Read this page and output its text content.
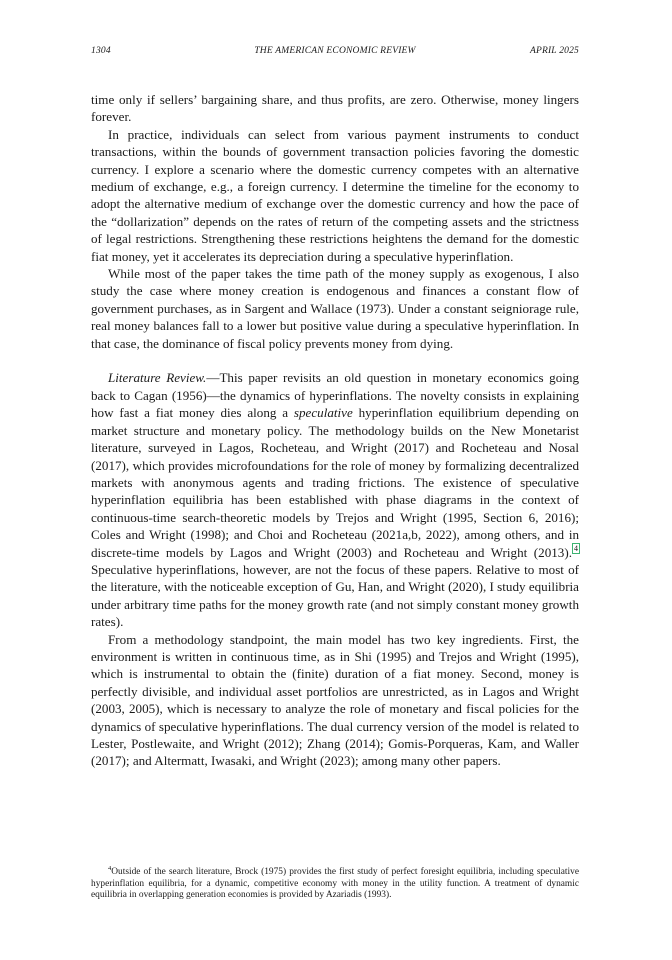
1304	THE AMERICAN ECONOMIC REVIEW	APRIL 2025

time only if sellers’ bargaining share, and thus profits, are zero. Otherwise, money lingers forever.

In practice, individuals can select from various payment instruments to conduct transactions, within the bounds of government transaction policies favoring the domestic currency. I explore a scenario where the domestic currency competes with an alternative medium of exchange, e.g., a foreign currency. I determine the timeline for the economy to adopt the alternative medium of exchange over the domestic currency and how the pace of the “dollarization” depends on the rates of return of the competing assets and the strictness of legal restrictions. Strengthening these restrictions heightens the demand for the domestic fiat money, yet it accelerates its depreciation during a speculative hyperinflation.

While most of the paper takes the time path of the money supply as exogenous, I also study the case where money creation is endogenous and finances a constant flow of government purchases, as in Sargent and Wallace (1973). Under a constant seigniorage rule, real money balances fall to a lower but positive value during a speculative hyperinflation. In that case, the dominance of fiscal policy prevents money from dying.

Literature Review.—This paper revisits an old question in monetary economics going back to Cagan (1956)—the dynamics of hyperinflations. The novelty consists in explaining how fast a fiat money dies along a speculative hyperinflation equilibrium depending on market structure and monetary policy. The methodology builds on the New Monetarist literature, surveyed in Lagos, Rocheteau, and Wright (2017) and Rocheteau and Nosal (2017), which provides microfoundations for the role of money by formalizing decentralized markets with anonymous agents and trading frictions. The existence of speculative hyperinflation equilibria has been established with phase diagrams in the context of continuous-time search-theoretic models by Trejos and Wright (1995, Section 6, 2016); Coles and Wright (1998); and Choi and Rocheteau (2021a,b, 2022), among others, and in discrete-time models by Lagos and Wright (2003) and Rocheteau and Wright (2013). $^4$ Speculative hyperinflations, however, are not the focus of these papers. Relative to most of the literature, with the noticeable exception of Gu, Han, and Wright (2020), I study equilibria under arbitrary time paths for the money growth rate (and not simply constant money growth rates).

From a methodology standpoint, the main model has two key ingredients. First, the environment is written in continuous time, as in Shi (1995) and Trejos and Wright (1995), which is instrumental to obtain the (finite) duration of a fiat money. Second, money is perfectly divisible, and individual asset portfolios are unrestricted, as in Lagos and Wright (2003, 2005), which is necessary to analyze the role of monetary and fiscal policies for the dynamics of speculative hyperinflations. The dual currency version of the model is related to Lester, Postlewaite, and Wright (2012); Zhang (2014); Gomis-Porqueras, Kam, and Waller (2017); and Altermatt, Iwasaki, and Wright (2023); among many other papers.

$^4$Outside of the search literature, Brock (1975) provides the first study of perfect foresight equilibria, including speculative hyperinflation equilibria, for a dynamic, competitive economy with money in the utility function. A treatment of dynamic equilibria in overlapping generation economies is provided by Azariadis (1993).
